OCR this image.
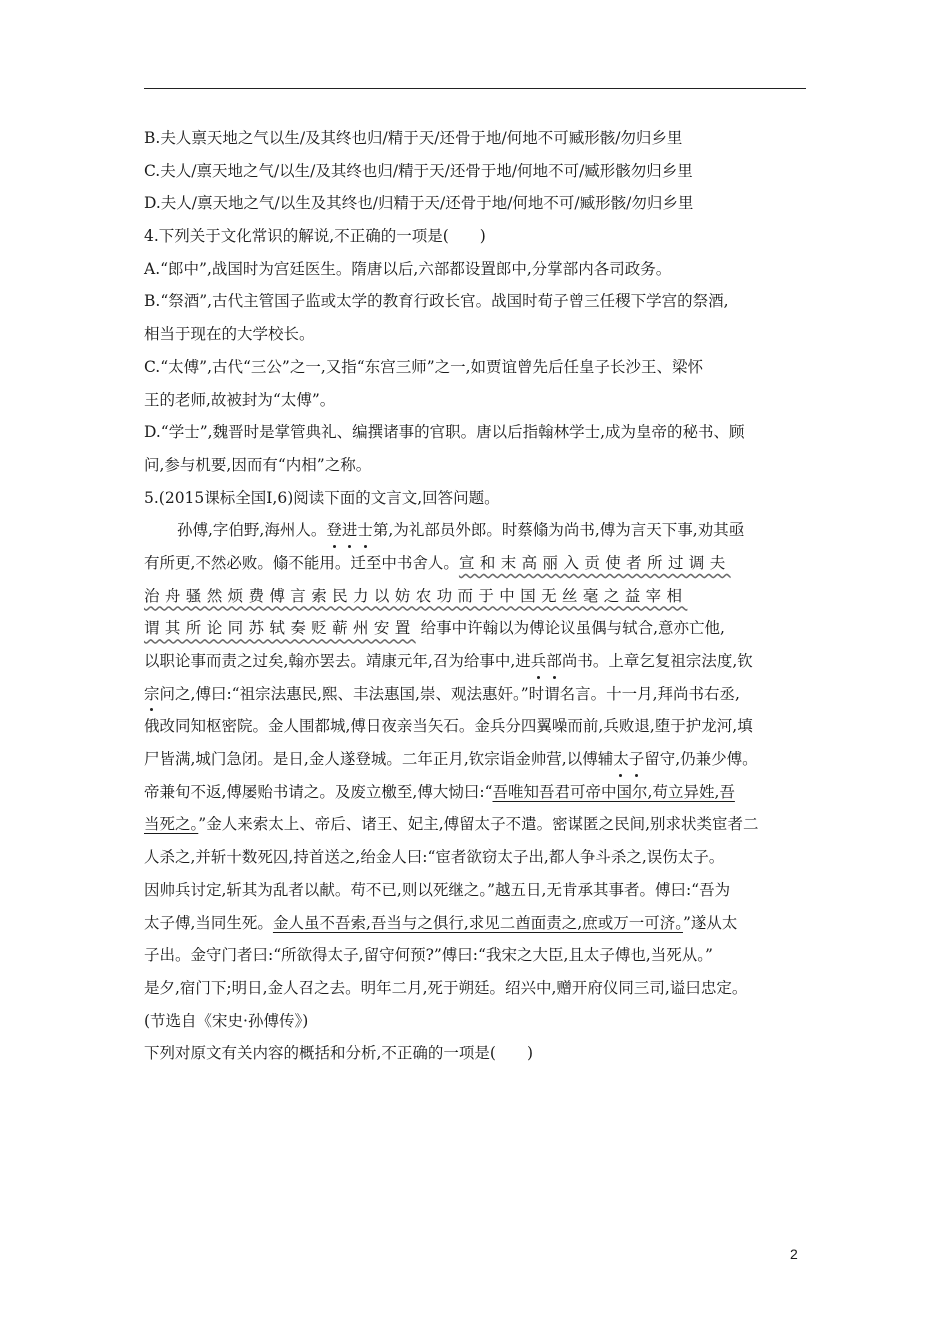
B.夫人禀天地之气以生/及其终也归/精于天/还骨于地/何地不可臧形骸/勿归乡里
C.夫人/禀天地之气/以生/及其终也归/精于天/还骨于地/何地不可/臧形骸勿归乡里
D.夫人/禀天地之气/以生及其终也/归精于天/还骨于地/何地不可/臧形骸/勿归乡里
4.下列关于文化常识的解说,不正确的一项是(　　)
A.“郎中”,战国时为宫廷医生。隋唐以后,六部都设置郎中,分掌部内各司政务。
B.“祭酒”,古代主管国子监或太学的教育行政长官。战国时荀子曾三任稷下学宫的祭酒,
相当于现在的大学校长。
C.“太傅”,古代“三公”之一,又指“东宫三师”之一,如贾谊曾先后任皇子长沙王、梁怀
王的老师,故被封为“太傅”。
D.“学士”,魏晋时是掌管典礼、编撰诸事的官职。唐以后指翰林学士,成为皇帝的秘书、顾
问,参与机要,因而有“内相”之称。
5.(2015课标全国Ⅰ,6)阅读下面的文言文,回答问题。
孙傅,字伯野,海州人。登进士第,为礼部员外郎。时蔡翛为尚书,傅为言天下事,劝其亟
有所更,不然必败。翛不能用。迁至中书舍人。宣和末高丽入贡使者所过调夫
治舟骚然烦费傅言索民力以妨农功而于中国无丝毫之益宰相
谓其所论同苏轼奏贬蕲州安置 给事中许翰以为傅论议虽偶与轼合,意亦亡他,
以职论事而责之过矣,翰亦罢去。靖康元年,召为给事中,进兵部尚书。上章乞复祖宗法度,钦
宗问之,傅曰:“祖宗法惠民,熙、丰法惠国,崇、观法惠奸。”时谓名言。十一月,拜尚书右丞,
俄改同知枢密院。金人围都城,傅日夜亲当矢石。金兵分四翼噪而前,兵败退,堕于护龙河,填
尸皆满,城门急闭。是日,金人遂登城。二年正月,钦宗诣金帅营,以傅辅太子留守,仍兼少傅。
帝兼旬不返,傅屡贻书请之。及废立檄至,傅大恸曰:“吾唯知吾君可帝中国尔,苟立异姓,吾
当死之。”金人来索太上、帝后、诸王、妃主,傅留太子不遣。密谋匿之民间,别求状类宦者二
人杀之,并斩十数死囚,持首送之,绐金人曰:“宦者欲窃太子出,都人争斗杀之,误伤太子。
因帅兵讨定,斩其为乱者以献。苟不已,则以死继之。”越五日,无肯承其事者。傅曰:“吾为
太子傅,当同生死。金人虽不吾索,吾当与之俱行,求见二酋面责之,庶或万一可济。”遂从太
子出。金守门者曰:“所欲得太子,留守何预?”傅曰:“我宋之大臣,且太子傅也,当死从。”
是夕,宿门下;明日,金人召之去。明年二月,死于朔廷。绍兴中,赠开府仪同三司,谥曰忠定。
(节选自《宋史·孙傅传》)
下列对原文有关内容的概括和分析,不正确的一项是(　　)
2
